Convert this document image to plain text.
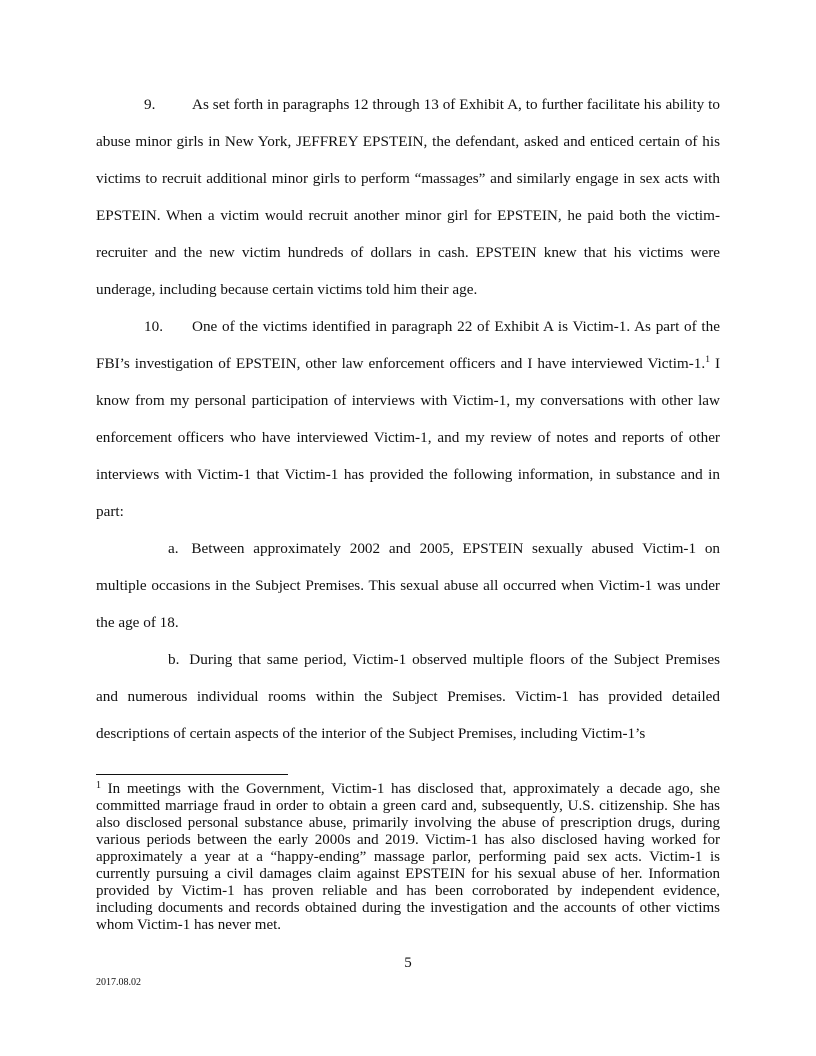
9. As set forth in paragraphs 12 through 13 of Exhibit A, to further facilitate his ability to abuse minor girls in New York, JEFFREY EPSTEIN, the defendant, asked and enticed certain of his victims to recruit additional minor girls to perform “massages” and similarly engage in sex acts with EPSTEIN. When a victim would recruit another minor girl for EPSTEIN, he paid both the victim-recruiter and the new victim hundreds of dollars in cash. EPSTEIN knew that his victims were underage, including because certain victims told him their age.

10. One of the victims identified in paragraph 22 of Exhibit A is Victim-1. As part of the FBI’s investigation of EPSTEIN, other law enforcement officers and I have interviewed Victim-1.$^1$ I know from my personal participation of interviews with Victim-1, my conversations with other law enforcement officers who have interviewed Victim-1, and my review of notes and reports of other interviews with Victim-1 that Victim-1 has provided the following information, in substance and in part:

a. Between approximately 2002 and 2005, EPSTEIN sexually abused Victim-1 on multiple occasions in the Subject Premises. This sexual abuse all occurred when Victim-1 was under the age of 18.

b. During that same period, Victim-1 observed multiple floors of the Subject Premises and numerous individual rooms within the Subject Premises. Victim-1 has provided detailed descriptions of certain aspects of the interior of the Subject Premises, including Victim-1’s

$^1$ In meetings with the Government, Victim-1 has disclosed that, approximately a decade ago, she committed marriage fraud in order to obtain a green card and, subsequently, U.S. citizenship. She has also disclosed personal substance abuse, primarily involving the abuse of prescription drugs, during various periods between the early 2000s and 2019. Victim-1 has also disclosed having worked for approximately a year at a “happy-ending” massage parlor, performing paid sex acts. Victim-1 is currently pursuing a civil damages claim against EPSTEIN for his sexual abuse of her. Information provided by Victim-1 has proven reliable and has been corroborated by independent evidence, including documents and records obtained during the investigation and the accounts of other victims whom Victim-1 has never met.
5
2017.08.02
